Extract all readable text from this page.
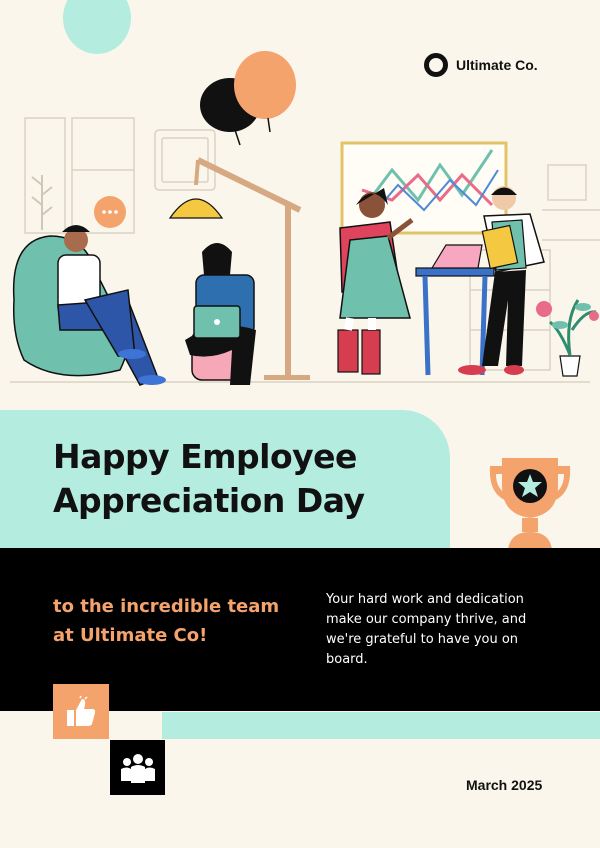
Ultimate Co.
Happy Employee
Appreciation Day

to the incredible team
at Ultimate Co!

Your hard work and dedication make our company thrive, and we're grateful to have you on board.

March 2025
